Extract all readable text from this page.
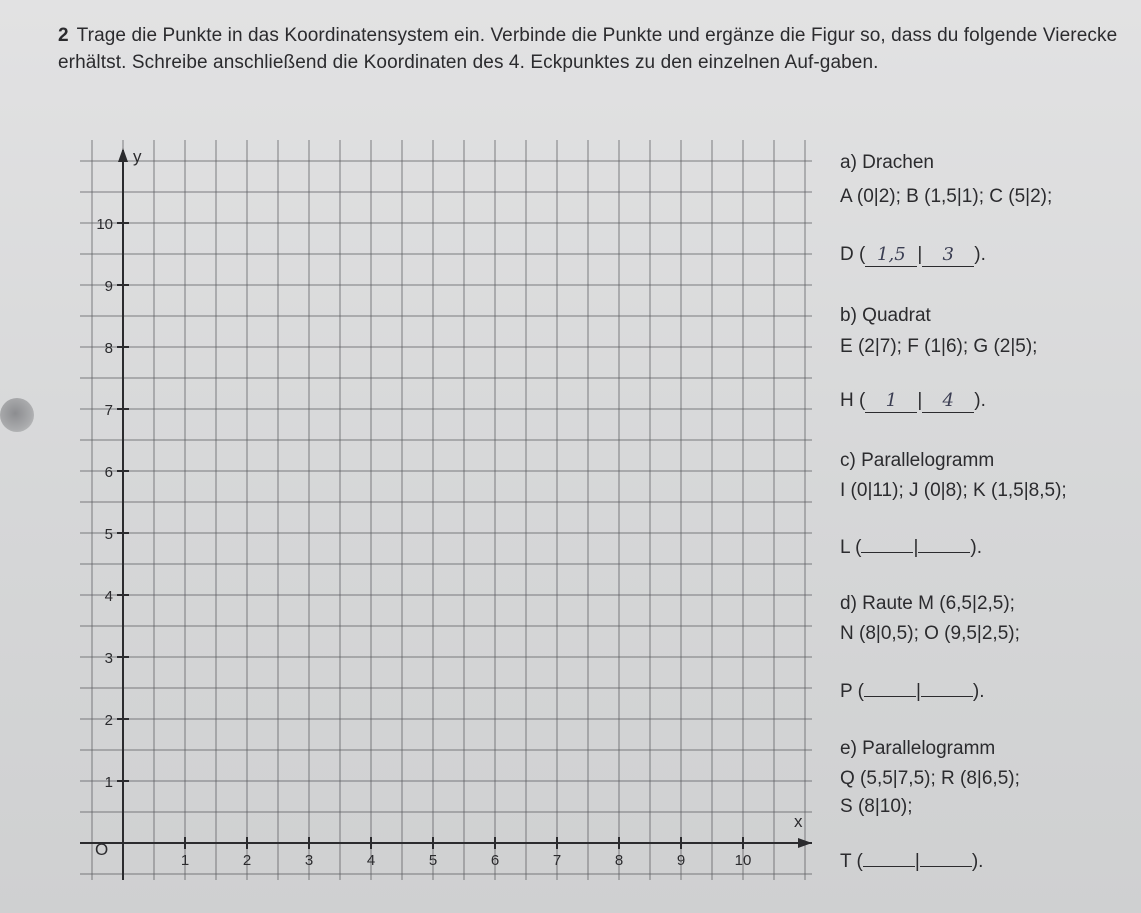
2 Trage die Punkte in das Koordinatensystem ein. Verbinde die Punkte und ergänze die Figur so, dass du folgende Vierecke erhältst. Schreibe anschließend die Koordinaten des 4. Eckpunktes zu den einzelnen Auf-gaben.
y
x
O
1	2	3	4	5	6	7	8	9	10
1
2
3
4
5
6
7
8
9
10
a) Drachen
A (0|2); B (1,5|1); C (5|2);
D ( 1,5 | 3 ).
b) Quadrat
E (2|7); F (1|6); G (2|5);
H ( 1 | 4 ).
c) Parallelogramm
I (0|11); J (0|8); K (1,5|8,5);
L (	|	).
d) Raute M (6,5|2,5);
N (8|0,5); O (9,5|2,5);
P (	|	).
e) Parallelogramm
Q (5,5|7,5); R (8|6,5);
S (8|10);
T (	|	).
